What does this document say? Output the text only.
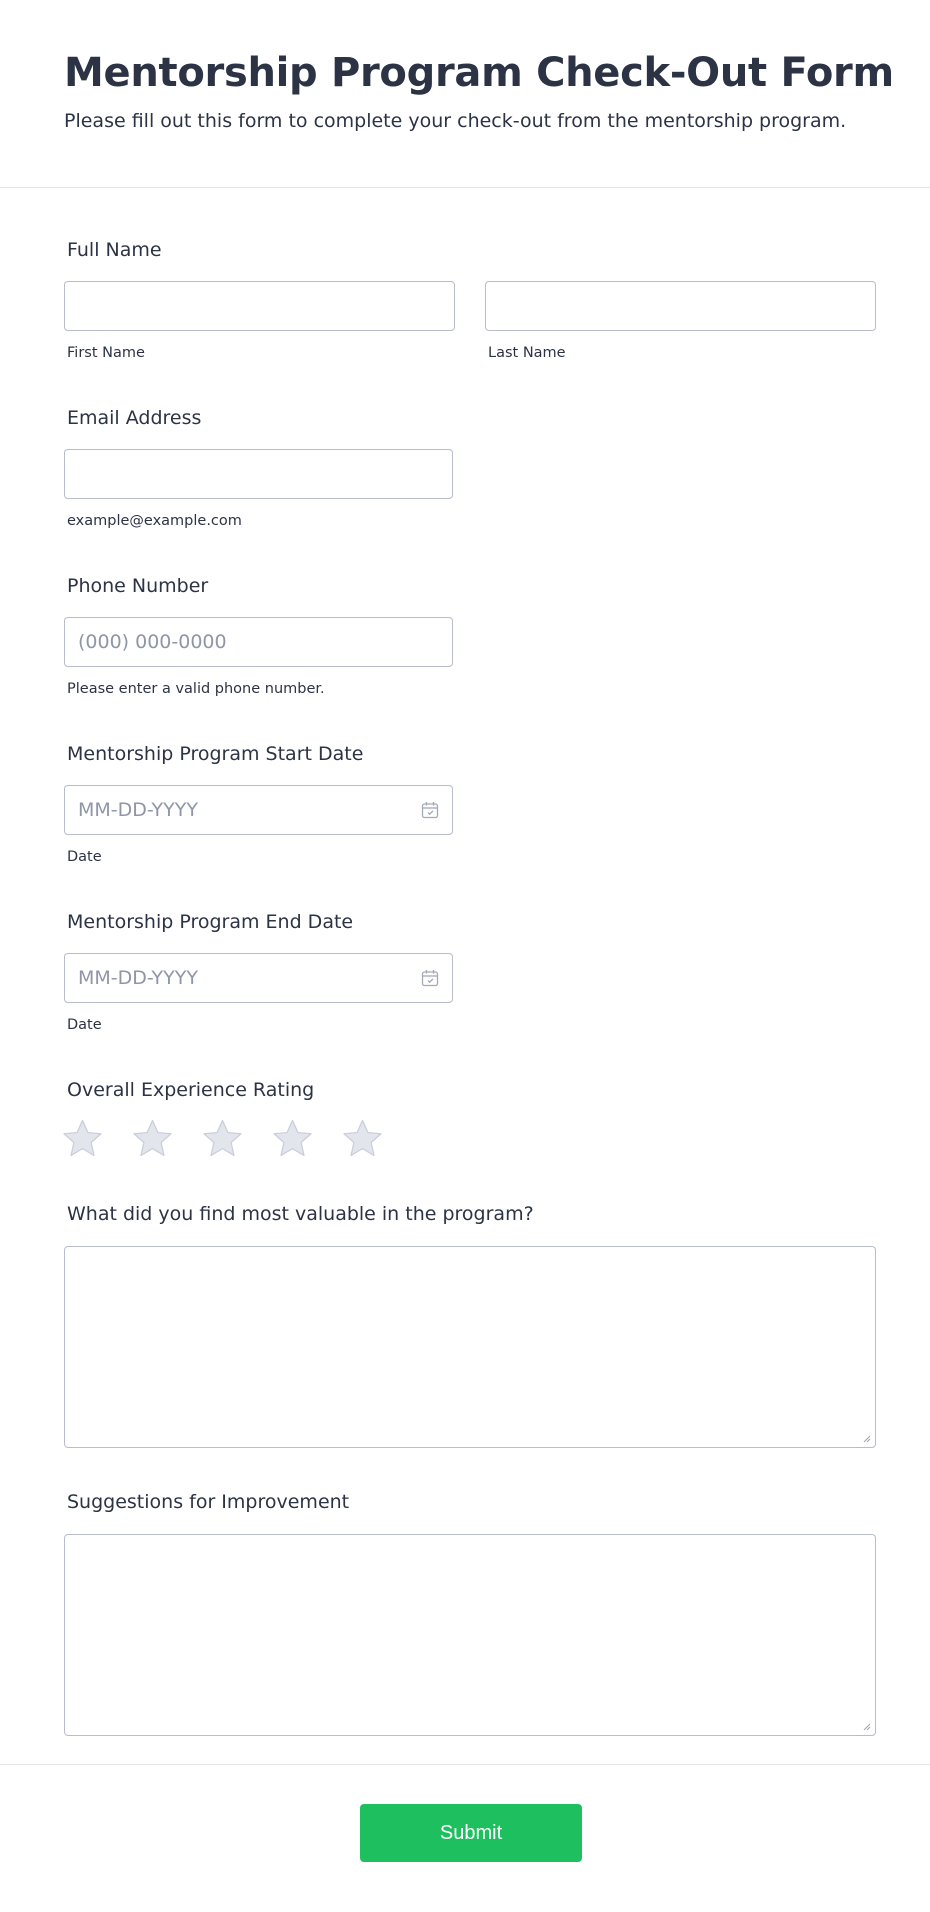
Mentorship Program Check-Out Form
Please fill out this form to complete your check-out from the mentorship program.
Full Name
First Name	Last Name
Email Address
example@example.com
Phone Number
(000) 000-0000
Please enter a valid phone number.
Mentorship Program Start Date
MM-DD-YYYY
Date
Mentorship Program End Date
MM-DD-YYYY
Date
Overall Experience Rating
What did you find most valuable in the program?
Suggestions for Improvement
Submit
